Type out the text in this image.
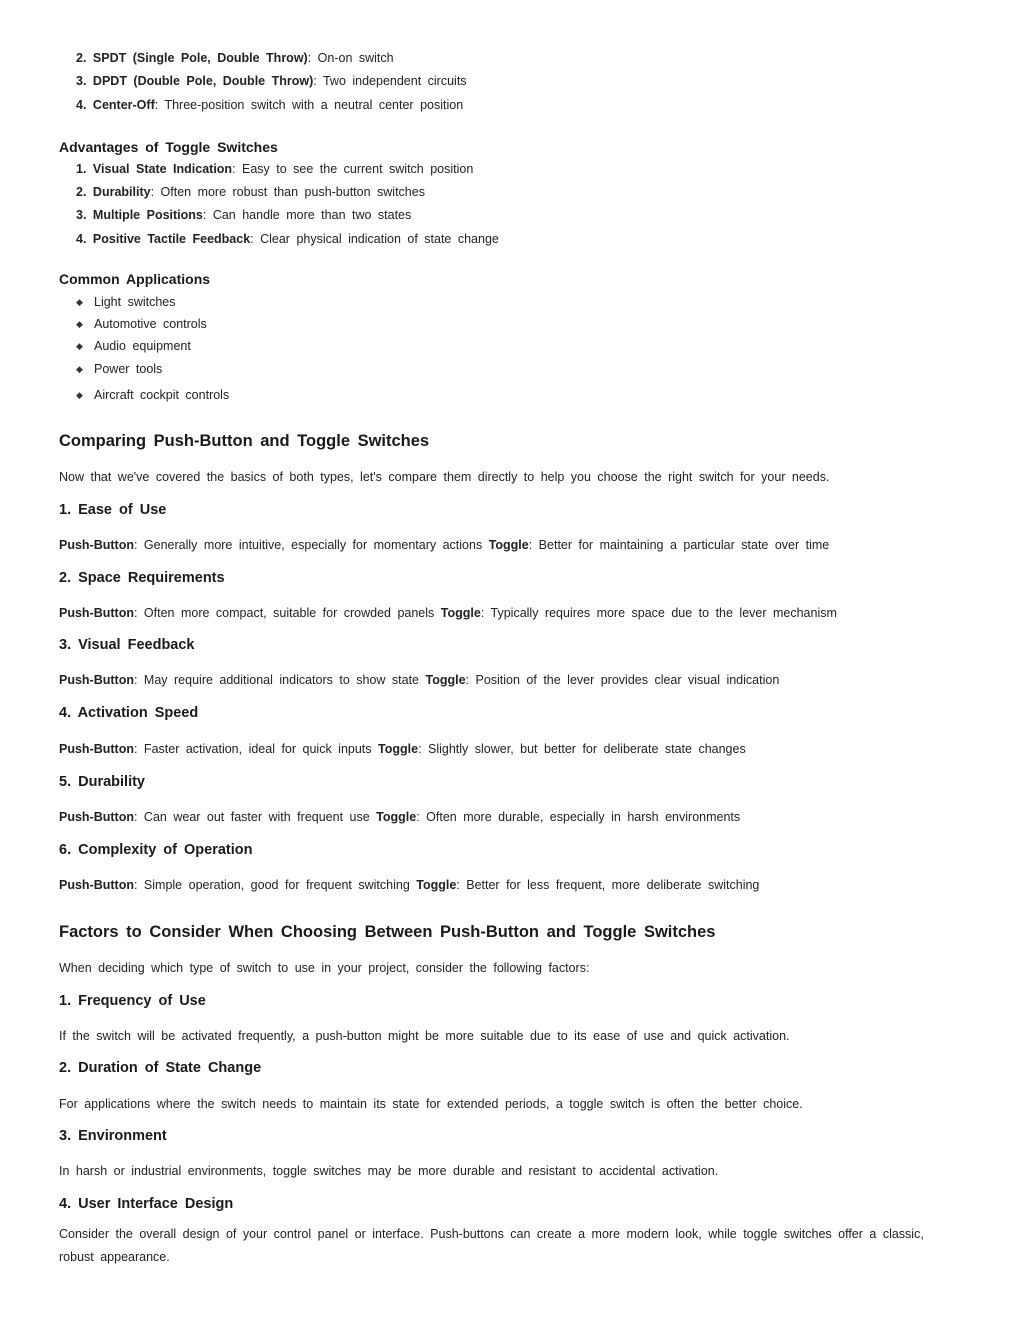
2. SPDT (Single Pole, Double Throw): On-on switch
3. DPDT (Double Pole, Double Throw): Two independent circuits
4. Center-Off: Three-position switch with a neutral center position
Advantages of Toggle Switches
1. Visual State Indication: Easy to see the current switch position
2. Durability: Often more robust than push-button switches
3. Multiple Positions: Can handle more than two states
4. Positive Tactile Feedback: Clear physical indication of state change
Common Applications
◆ Light switches
◆ Automotive controls
◆ Audio equipment
◆ Power tools
◆ Aircraft cockpit controls
Comparing Push-Button and Toggle Switches
Now that we've covered the basics of both types, let's compare them directly to help you choose the right switch for your needs.
1. Ease of Use
Push-Button: Generally more intuitive, especially for momentary actions Toggle: Better for maintaining a particular state over time
2. Space Requirements
Push-Button: Often more compact, suitable for crowded panels Toggle: Typically requires more space due to the lever mechanism
3. Visual Feedback
Push-Button: May require additional indicators to show state Toggle: Position of the lever provides clear visual indication
4. Activation Speed
Push-Button: Faster activation, ideal for quick inputs Toggle: Slightly slower, but better for deliberate state changes
5. Durability
Push-Button: Can wear out faster with frequent use Toggle: Often more durable, especially in harsh environments
6. Complexity of Operation
Push-Button: Simple operation, good for frequent switching Toggle: Better for less frequent, more deliberate switching
Factors to Consider When Choosing Between Push-Button and Toggle Switches
When deciding which type of switch to use in your project, consider the following factors:
1. Frequency of Use
If the switch will be activated frequently, a push-button might be more suitable due to its ease of use and quick activation.
2. Duration of State Change
For applications where the switch needs to maintain its state for extended periods, a toggle switch is often the better choice.
3. Environment
In harsh or industrial environments, toggle switches may be more durable and resistant to accidental activation.
4. User Interface Design
Consider the overall design of your control panel or interface. Push-buttons can create a more modern look, while toggle switches offer a classic, robust appearance.
